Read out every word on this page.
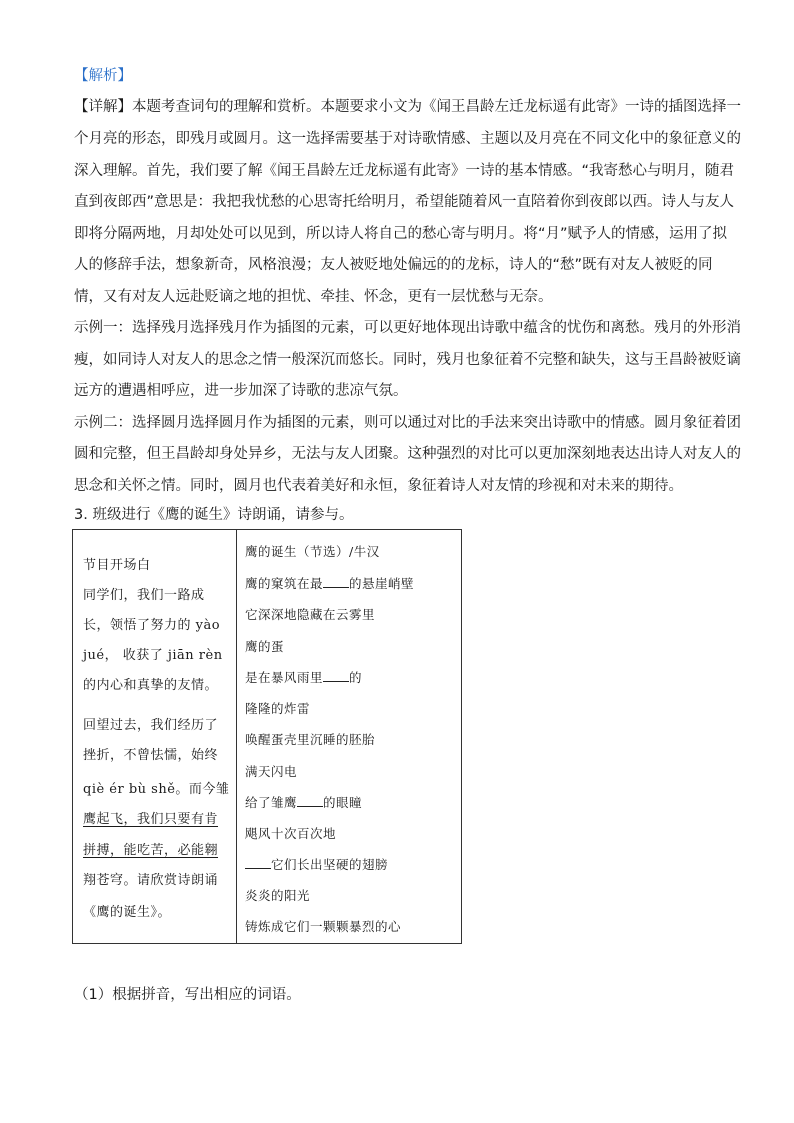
【解析】
【详解】本题考查词句的理解和赏析。本题要求小文为《闻王昌龄左迁龙标遥有此寄》一诗的插图选择一
个月亮的形态，即残月或圆月。这一选择需要基于对诗歌情感、主题以及月亮在不同文化中的象征意义的
深入理解。首先，我们要了解《闻王昌龄左迁龙标遥有此寄》一诗的基本情感。“我寄愁心与明月，随君
直到夜郎西”意思是：我把我忧愁的心思寄托给明月，希望能随着风一直陪着你到夜郎以西。诗人与友人
即将分隔两地，月却处处可以见到，所以诗人将自己的愁心寄与明月。将“月”赋予人的情感，运用了拟
人的修辞手法，想象新奇，风格浪漫；友人被贬地处偏远的的龙标，诗人的“愁”既有对友人被贬的同
情，又有对友人远赴贬谪之地的担忧、牵挂、怀念，更有一层忧愁与无奈。
示例一：选择残月选择残月作为插图的元素，可以更好地体现出诗歌中蕴含的忧伤和离愁。残月的外形消
瘦，如同诗人对友人的思念之情一般深沉而悠长。同时，残月也象征着不完整和缺失，这与王昌龄被贬谪
远方的遭遇相呼应，进一步加深了诗歌的悲凉气氛。
示例二：选择圆月选择圆月作为插图的元素，则可以通过对比的手法来突出诗歌中的情感。圆月象征着团
圆和完整，但王昌龄却身处异乡，无法与友人团聚。这种强烈的对比可以更加深刻地表达出诗人对友人的
思念和关怀之情。同时，圆月也代表着美好和永恒，象征着诗人对友情的珍视和对未来的期待。
3. 班级进行《鹰的诞生》诗朗诵，请参与。
节目开场白
同学们，我们一路成
长，领悟了努力的 yào
jué， 收获了 jiān rèn
的内心和真挚的友情。
回望过去，我们经历了
挫折，不曾怯懦，始终
qiè ér bù shě。而今雏
鹰起飞，我们只要有肯
拼搏，能吃苦，必能翱
翔苍穹。请欣赏诗朗诵
《鹰的诞生》。
鹰的诞生（节选）/牛汉
鹰的窠筑在最 的悬崖峭壁
它深深地隐藏在云雾里
鹰的蛋
是在暴风雨里 的
隆隆的炸雷
唤醒蛋壳里沉睡的胚胎
满天闪电
给了雏鹰 的眼瞳
飓风十次百次地
它们长出坚硬的翅膀
炎炎的阳光
铸炼成它们一颗颗暴烈的心
（1）根据拼音，写出相应的词语。
